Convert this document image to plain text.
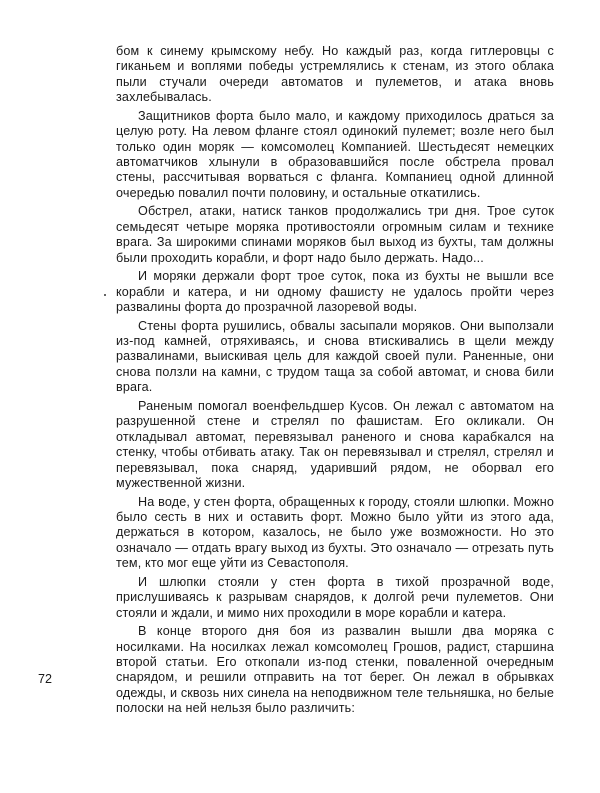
бом к синему крымскому небу. Но каждый раз, когда гитлеровцы с гиканьем и воплями победы устремлялись к стенам, из этого облака пыли стучали очереди автоматов и пулеметов, и атака вновь захлебывалась.

Защитников форта было мало, и каждому приходилось драться за целую роту. На левом фланге стоял одинокий пулемет; возле него был только один моряк — комсомолец Компанией. Шестьдесят немецких автоматчиков хлынули в образовавшийся после обстрела провал стены, рассчитывая ворваться с фланга. Компаниец одной длинной очередью повалил почти половину, и остальные откатились.

Обстрел, атаки, натиск танков продолжались три дня. Трое суток семьдесят четыре моряка противостояли огромным силам и технике врага. За широкими спинами моряков был выход из бухты, там должны были проходить корабли, и форт надо было держать. Надо...

И моряки держали форт трое суток, пока из бухты не вышли все корабли и катера, и ни одному фашисту не удалось пройти через развалины форта до прозрачной лазоревой воды.

Стены форта рушились, обвалы засыпали моряков. Они выползали из-под камней, отряхиваясь, и снова втискивались в щели между развалинами, выискивая цель для каждой своей пули. Раненные, они снова ползли на камни, с трудом таща за собой автомат, и снова били врага.

Раненым помогал военфельдшер Кусов. Он лежал с автоматом на разрушенной стене и стрелял по фашистам. Его окликали. Он откладывал автомат, перевязывал раненого и снова карабкался на стенку, чтобы отбивать атаку. Так он перевязывал и стрелял, стрелял и перевязывал, пока снаряд, ударивший рядом, не оборвал его мужественной жизни.

На воде, у стен форта, обращенных к городу, стояли шлюпки. Можно было сесть в них и оставить форт. Можно было уйти из этого ада, держаться в котором, казалось, не было уже возможности. Но это означало — отдать врагу выход из бухты. Это означало — отрезать путь тем, кто мог еще уйти из Севастополя.

И шлюпки стояли у стен форта в тихой прозрачной воде, прислушиваясь к разрывам снарядов, к долгой речи пулеметов. Они стояли и ждали, и мимо них проходили в море корабли и катера.

В конце второго дня боя из развалин вышли два моряка с носилками. На носилках лежал комсомолец Грошов, радист, старшина второй статьи. Его откопали из-под стенки, поваленной очередным снарядом, и решили отправить на тот берег. Он лежал в обрывках одежды, и сквозь них синела на неподвижном теле тельняшка, но белые полоски на ней нельзя было различить:

72
